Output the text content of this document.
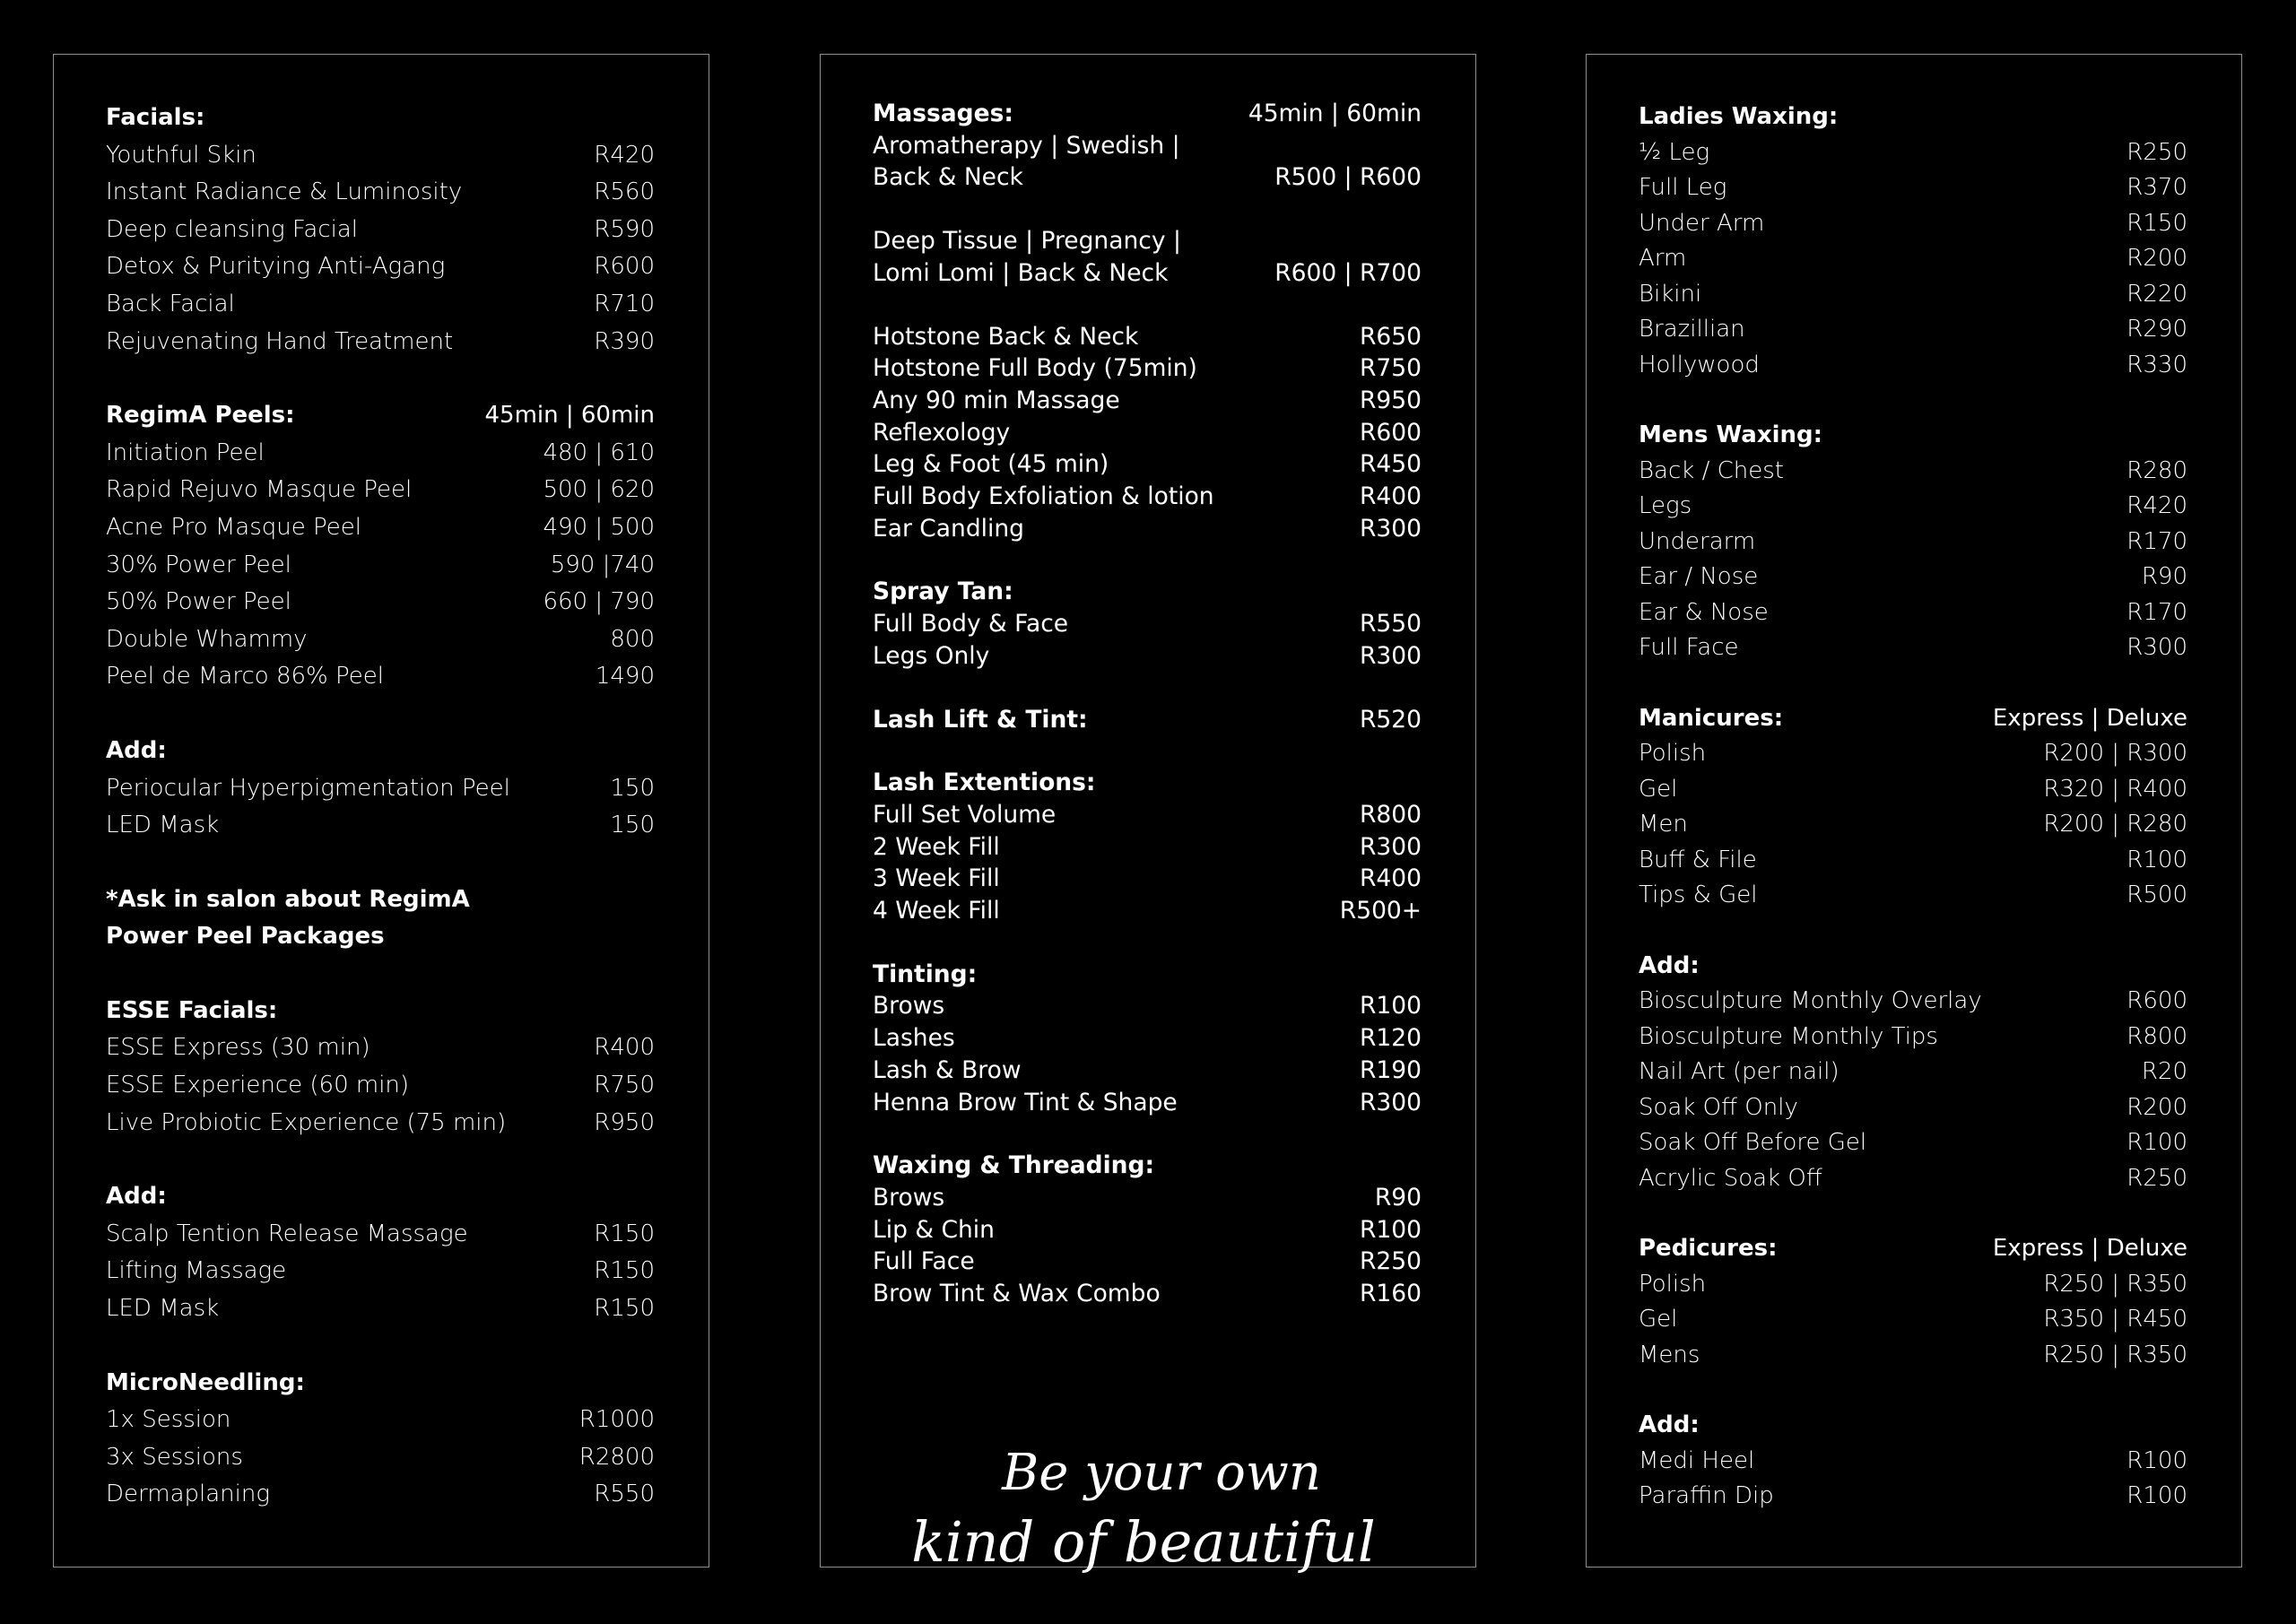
Facials:
Youthful Skin	R420
Instant Radiance & Luminosity	R560
Deep cleansing Facial	R590
Detox & Puritying Anti-Agang	R600
Back Facial	R710
Rejuvenating Hand Treatment	R390
RegimA Peels:	45min | 60min
Initiation Peel	480 | 610
Rapid Rejuvo Masque Peel	500 | 620
Acne Pro Masque Peel	490 | 500
30% Power Peel	590 |740
50% Power Peel	660 | 790
Double Whammy	800
Peel de Marco 86% Peel	1490
Add:
Periocular Hyperpigmentation Peel	150
LED Mask	150
*Ask in salon about RegimA
Power Peel Packages
ESSE Facials:
ESSE Express (30 min)	R400
ESSE Experience (60 min)	R750
Live Probiotic Experience (75 min)	R950
Add:
Scalp Tention Release Massage	R150
Lifting Massage	R150
LED Mask	R150
MicroNeedling:
1x Session	R1000
3x Sessions	R2800
Dermaplaning	R550
Massages:	45min | 60min
Aromatherapy | Swedish |
Back & Neck	R500 | R600
Deep Tissue | Pregnancy |
Lomi Lomi | Back & Neck	R600 | R700
Hotstone Back & Neck	R650
Hotstone Full Body (75min)	R750
Any 90 min Massage	R950
Reflexology	R600
Leg & Foot (45 min)	R450
Full Body Exfoliation & lotion	R400
Ear Candling	R300
Spray Tan:
Full Body & Face	R550
Legs Only	R300
Lash Lift & Tint:	R520
Lash Extentions:
Full Set Volume	R800
2 Week Fill	R300
3 Week Fill	R400
4 Week Fill	R500+
Tinting:
Brows	R100
Lashes	R120
Lash & Brow	R190
Henna Brow Tint & Shape	R300
Waxing & Threading:
Brows	R90
Lip & Chin	R100
Full Face	R250
Brow Tint & Wax Combo	R160
Be your own
kind of beautiful
Ladies Waxing:
½ Leg	R250
Full Leg	R370
Under Arm	R150
Arm	R200
Bikini	R220
Brazillian	R290
Hollywood	R330
Mens Waxing:
Back / Chest	R280
Legs	R420
Underarm	R170
Ear / Nose	R90
Ear & Nose	R170
Full Face	R300
Manicures:	Express | Deluxe
Polish	R200 | R300
Gel	R320 | R400
Men	R200 | R280
Buff & File	R100
Tips & Gel	R500
Add:
Biosculpture Monthly Overlay	R600
Biosculpture Monthly Tips	R800
Nail Art (per nail)	R20
Soak Off Only	R200
Soak Off Before Gel	R100
Acrylic Soak Off	R250
Pedicures:	Express | Deluxe
Polish	R250 | R350
Gel	R350 | R450
Mens	R250 | R350
Add:
Medi Heel	R100
Paraffin Dip	R100
